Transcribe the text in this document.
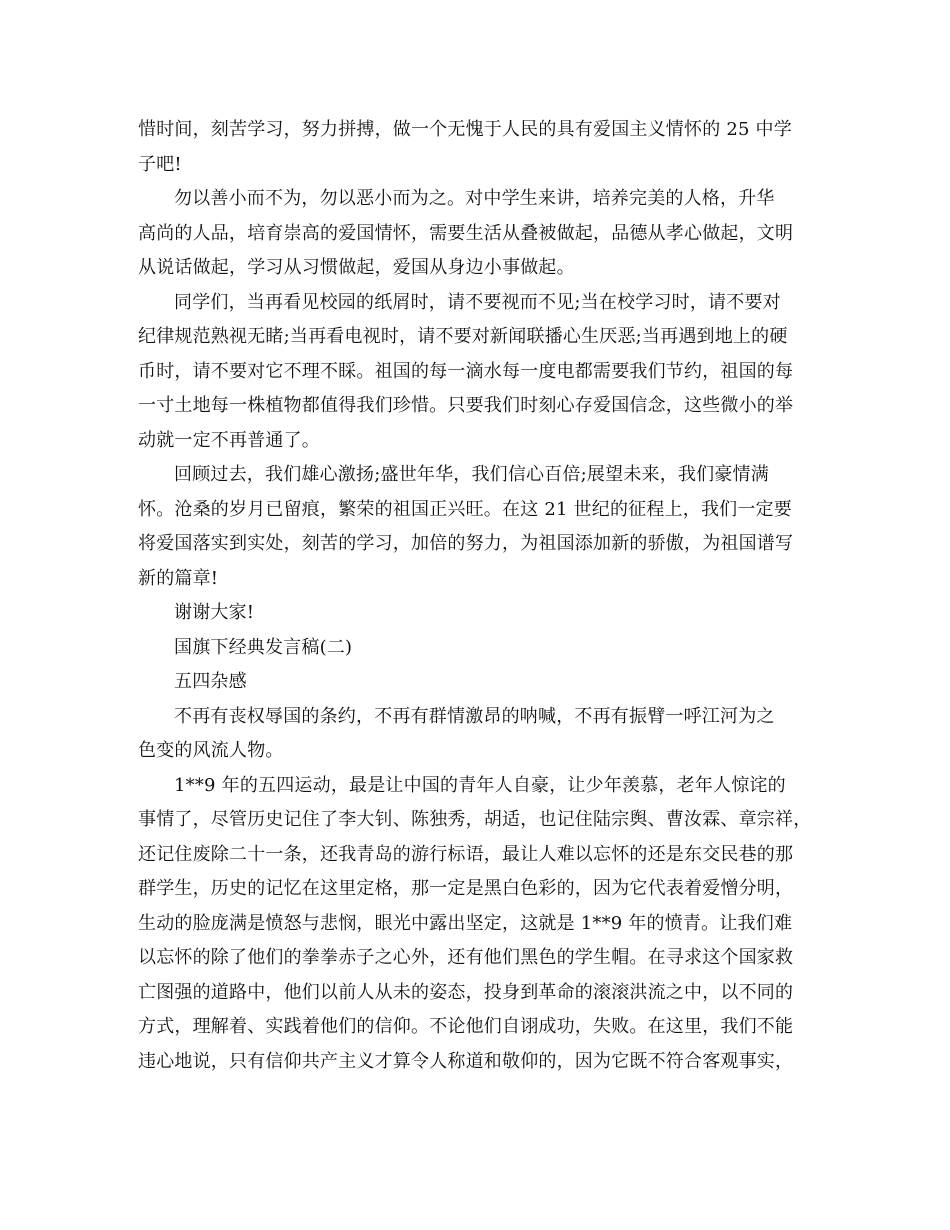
惜时间，刻苦学习，努力拼搏，做一个无愧于人民的具有爱国主义情怀的 25 中学
子吧!
勿以善小而不为，勿以恶小而为之。对中学生来讲，培养完美的人格，升华
高尚的人品，培育崇高的爱国情怀，需要生活从叠被做起，品德从孝心做起，文明
从说话做起，学习从习惯做起，爱国从身边小事做起。
同学们，当再看见校园的纸屑时，请不要视而不见;当在校学习时，请不要对
纪律规范熟视无睹;当再看电视时，请不要对新闻联播心生厌恶;当再遇到地上的硬
币时，请不要对它不理不睬。祖国的每一滴水每一度电都需要我们节约，祖国的每
一寸土地每一株植物都值得我们珍惜。只要我们时刻心存爱国信念，这些微小的举
动就一定不再普通了。
回顾过去，我们雄心激扬;盛世年华，我们信心百倍;展望未来，我们豪情满
怀。沧桑的岁月已留痕，繁荣的祖国正兴旺。在这 21 世纪的征程上，我们一定要
将爱国落实到实处，刻苦的学习，加倍的努力，为祖国添加新的骄傲，为祖国谱写
新的篇章!
谢谢大家!
国旗下经典发言稿(二)
五四杂感
不再有丧权辱国的条约，不再有群情激昂的呐喊，不再有振臂一呼江河为之
色变的风流人物。
1**9 年的五四运动，最是让中国的青年人自豪，让少年羡慕，老年人惊诧的
事情了，尽管历史记住了李大钊、陈独秀，胡适，也记住陆宗舆、曹汝霖、章宗祥，
还记住废除二十一条，还我青岛的游行标语，最让人难以忘怀的还是东交民巷的那
群学生，历史的记忆在这里定格，那一定是黑白色彩的，因为它代表着爱憎分明，
生动的脸庞满是愤怒与悲悯，眼光中露出坚定，这就是 1**9 年的愤青。让我们难
以忘怀的除了他们的拳拳赤子之心外，还有他们黑色的学生帽。在寻求这个国家救
亡图强的道路中，他们以前人从未的姿态，投身到革命的滚滚洪流之中，以不同的
方式，理解着、实践着他们的信仰。不论他们自诩成功，失败。在这里，我们不能
违心地说，只有信仰共产主义才算令人称道和敬仰的，因为它既不符合客观事实，
